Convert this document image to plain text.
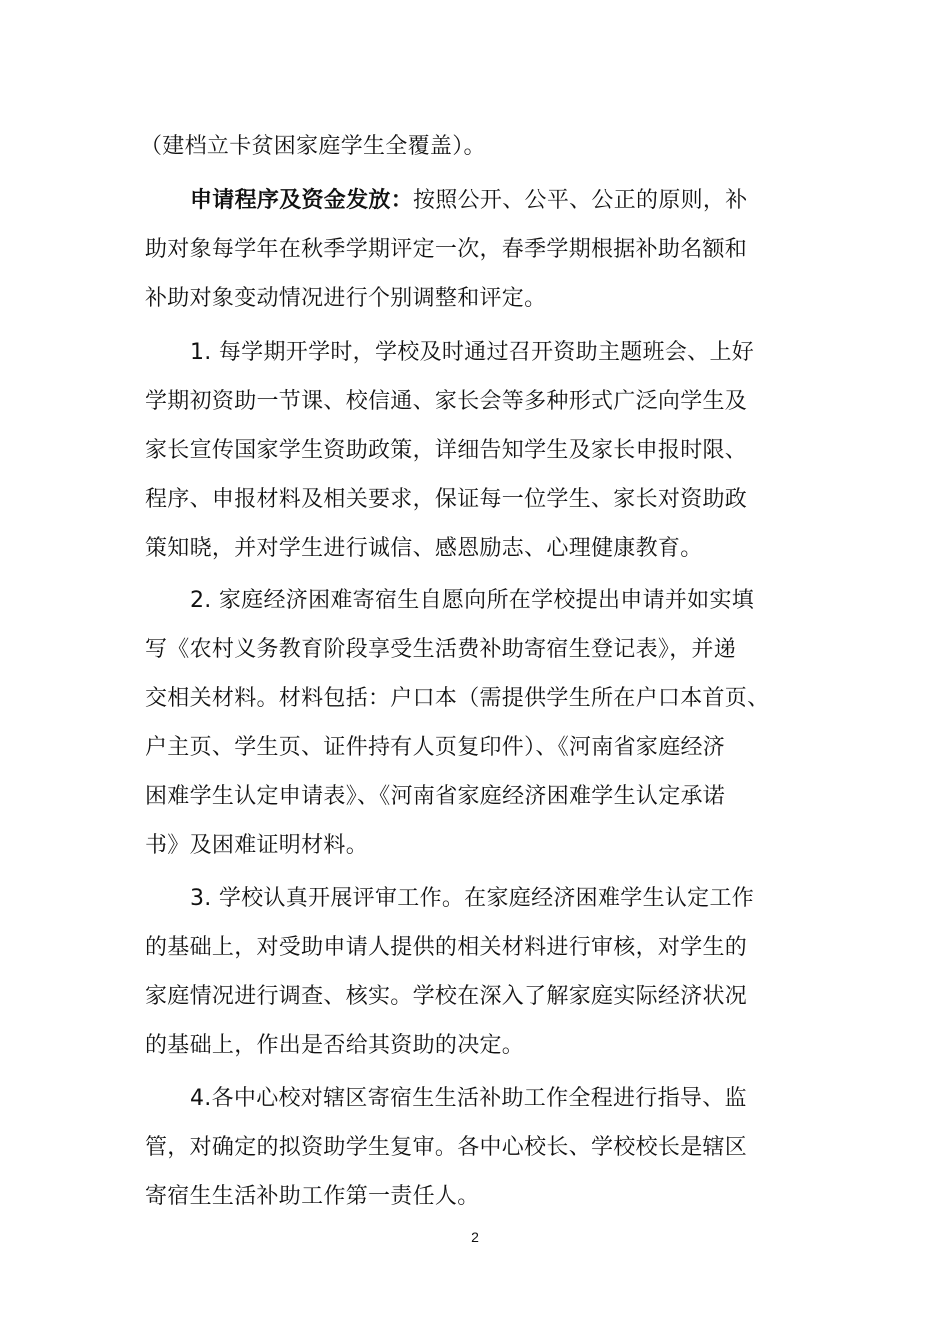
（建档立卡贫困家庭学生全覆盖）。
申请程序及资金发放：按照公开、公平、公正的原则，补
助对象每学年在秋季学期评定一次，春季学期根据补助名额和
补助对象变动情况进行个别调整和评定。
1. 每学期开学时，学校及时通过召开资助主题班会、上好
学期初资助一节课、校信通、家长会等多种形式广泛向学生及
家长宣传国家学生资助政策，详细告知学生及家长申报时限、
程序、申报材料及相关要求，保证每一位学生、家长对资助政
策知晓，并对学生进行诚信、感恩励志、心理健康教育。
2. 家庭经济困难寄宿生自愿向所在学校提出申请并如实填
写《农村义务教育阶段享受生活费补助寄宿生登记表》，并递
交相关材料。材料包括：户口本（需提供学生所在户口本首页、
户主页、学生页、证件持有人页复印件）、《河南省家庭经济
困难学生认定申请表》、《河南省家庭经济困难学生认定承诺
书》及困难证明材料。
3. 学校认真开展评审工作。在家庭经济困难学生认定工作
的基础上，对受助申请人提供的相关材料进行审核，对学生的
家庭情况进行调查、核实。学校在深入了解家庭实际经济状况
的基础上，作出是否给其资助的决定。
4.各中心校对辖区寄宿生生活补助工作全程进行指导、监
管，对确定的拟资助学生复审。各中心校长、学校校长是辖区
寄宿生生活补助工作第一责任人。
2
